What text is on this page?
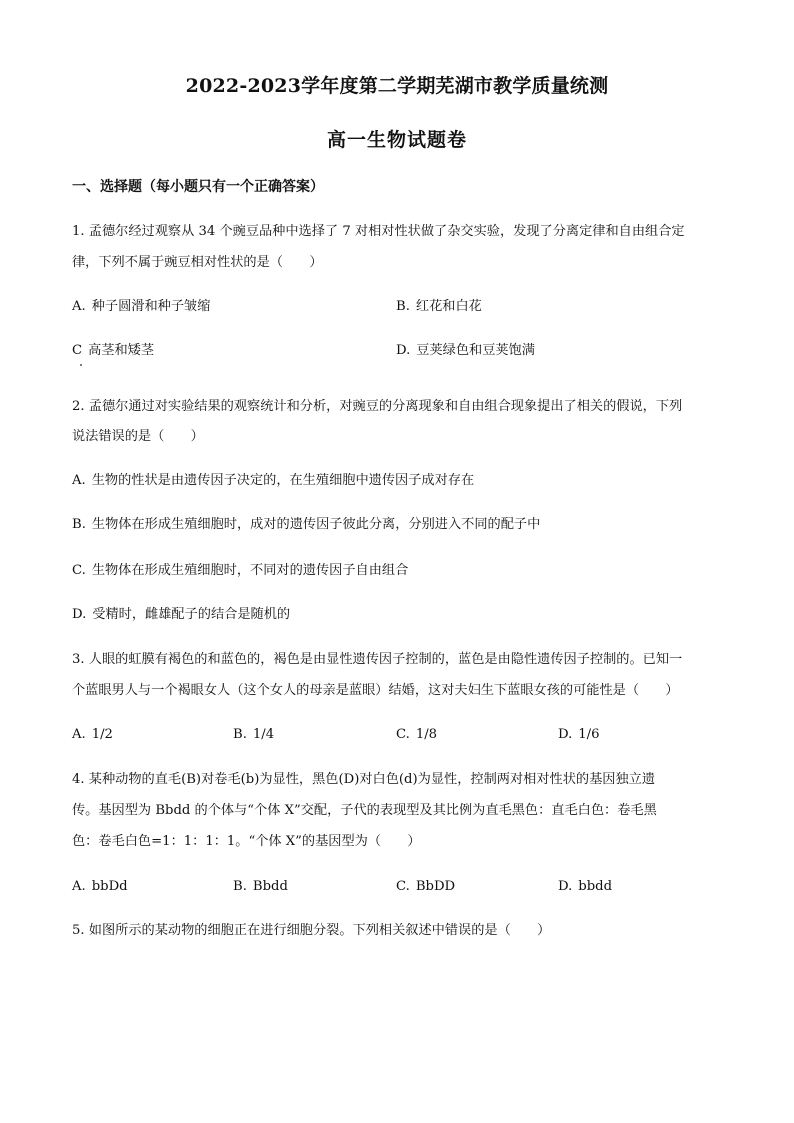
2022-2023学年度第二学期芜湖市教学质量统测
高一生物试题卷
一、选择题（每小题只有一个正确答案）
1. 孟德尔经过观察从 34 个豌豆品种中选择了 7 对相对性状做了杂交实验，发现了分离定律和自由组合定
律，下列不属于豌豆相对性状的是（　　）
A. 种子圆滑和种子皱缩	B. 红花和白花
C 高茎和矮茎	D. 豆荚绿色和豆荚饱满
2. 孟德尔通过对实验结果的观察统计和分析，对豌豆的分离现象和自由组合现象提出了相关的假说，下列
说法错误的是（　　）
A. 生物的性状是由遗传因子决定的，在生殖细胞中遗传因子成对存在
B. 生物体在形成生殖细胞时，成对的遗传因子彼此分离，分别进入不同的配子中
C. 生物体在形成生殖细胞时，不同对的遗传因子自由组合
D. 受精时，雌雄配子的结合是随机的
3. 人眼的虹膜有褐色的和蓝色的，褐色是由显性遗传因子控制的，蓝色是由隐性遗传因子控制的。已知一
个蓝眼男人与一个褐眼女人（这个女人的母亲是蓝眼）结婚，这对夫妇生下蓝眼女孩的可能性是（　　）
A. 1/2	B. 1/4	C. 1/8	D. 1/6
4. 某种动物的直毛(B)对卷毛(b)为显性，黑色(D)对白色(d)为显性，控制两对相对性状的基因独立遗
传。基因型为 Bbdd 的个体与“个体 X”交配，子代的表现型及其比例为直毛黑色：直毛白色：卷毛黑
色：卷毛白色=1：1：1：1。“个体 X”的基因型为（　　）
A. bbDd	B. Bbdd	C. BbDD	D. bbdd
5. 如图所示的某动物的细胞正在进行细胞分裂。下列相关叙述中错误的是（　　）
